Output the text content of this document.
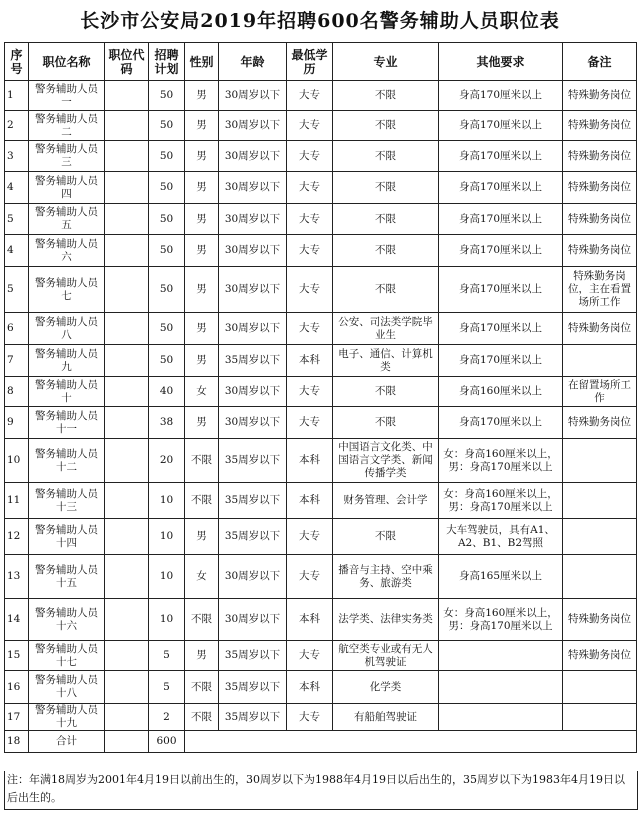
长沙市公安局2019年招聘600名警务辅助人员职位表
序号	职位名称	职位代码	招聘计划	性别	年龄	最低学历	专业	其他要求	备注
1	警务辅助人员一		50	男	30周岁以下	大专	不限	身高170厘米以上	特殊勤务岗位
2	警务辅助人员二		50	男	30周岁以下	大专	不限	身高170厘米以上	特殊勤务岗位
3	警务辅助人员三		50	男	30周岁以下	大专	不限	身高170厘米以上	特殊勤务岗位
4	警务辅助人员四		50	男	30周岁以下	大专	不限	身高170厘米以上	特殊勤务岗位
5	警务辅助人员五		50	男	30周岁以下	大专	不限	身高170厘米以上	特殊勤务岗位
4	警务辅助人员六		50	男	30周岁以下	大专	不限	身高170厘米以上	特殊勤务岗位
5	警务辅助人员七		50	男	30周岁以下	大专	不限	身高170厘米以上	特殊勤务岗位，主在看置场所工作
6	警务辅助人员八		50	男	30周岁以下	大专	公安、司法类学院毕业生	身高170厘米以上	特殊勤务岗位
7	警务辅助人员九		50	男	35周岁以下	本科	电子、通信、计算机类	身高170厘米以上	
8	警务辅助人员十		40	女	30周岁以下	大专	不限	身高160厘米以上	在留置场所工作
9	警务辅助人员十一		38	男	30周岁以下	大专	不限	身高170厘米以上	特殊勤务岗位
10	警务辅助人员十二		20	不限	35周岁以下	本科	中国语言文化类、中国语言文学类、新闻传播学类	女：身高160厘米以上，男：身高170厘米以上	
11	警务辅助人员十三		10	不限	35周岁以下	本科	财务管理、会计学	女：身高160厘米以上，男：身高170厘米以上	
12	警务辅助人员十四		10	男	35周岁以下	大专	不限	大车驾驶员，具有A1、A2、B1、B2驾照	
13	警务辅助人员十五		10	女	30周岁以下	大专	播音与主持、空中乘务、旅游类	身高165厘米以上	
14	警务辅助人员十六		10	不限	30周岁以下	本科	法学类、法律实务类	女：身高160厘米以上，男：身高170厘米以上	特殊勤务岗位
15	警务辅助人员十七		5	男	35周岁以下	大专	航空类专业或有无人机驾驶证		特殊勤务岗位
16	警务辅助人员十八		5	不限	35周岁以下	本科	化学类		
17	警务辅助人员十九		2	不限	35周岁以下	大专	有船舶驾驶证		
18	合计		600						
注：年满18周岁为2001年4月19日以前出生的，30周岁以下为1988年4月19日以后出生的，35周岁以下为1983年4月19日以后出生的。
